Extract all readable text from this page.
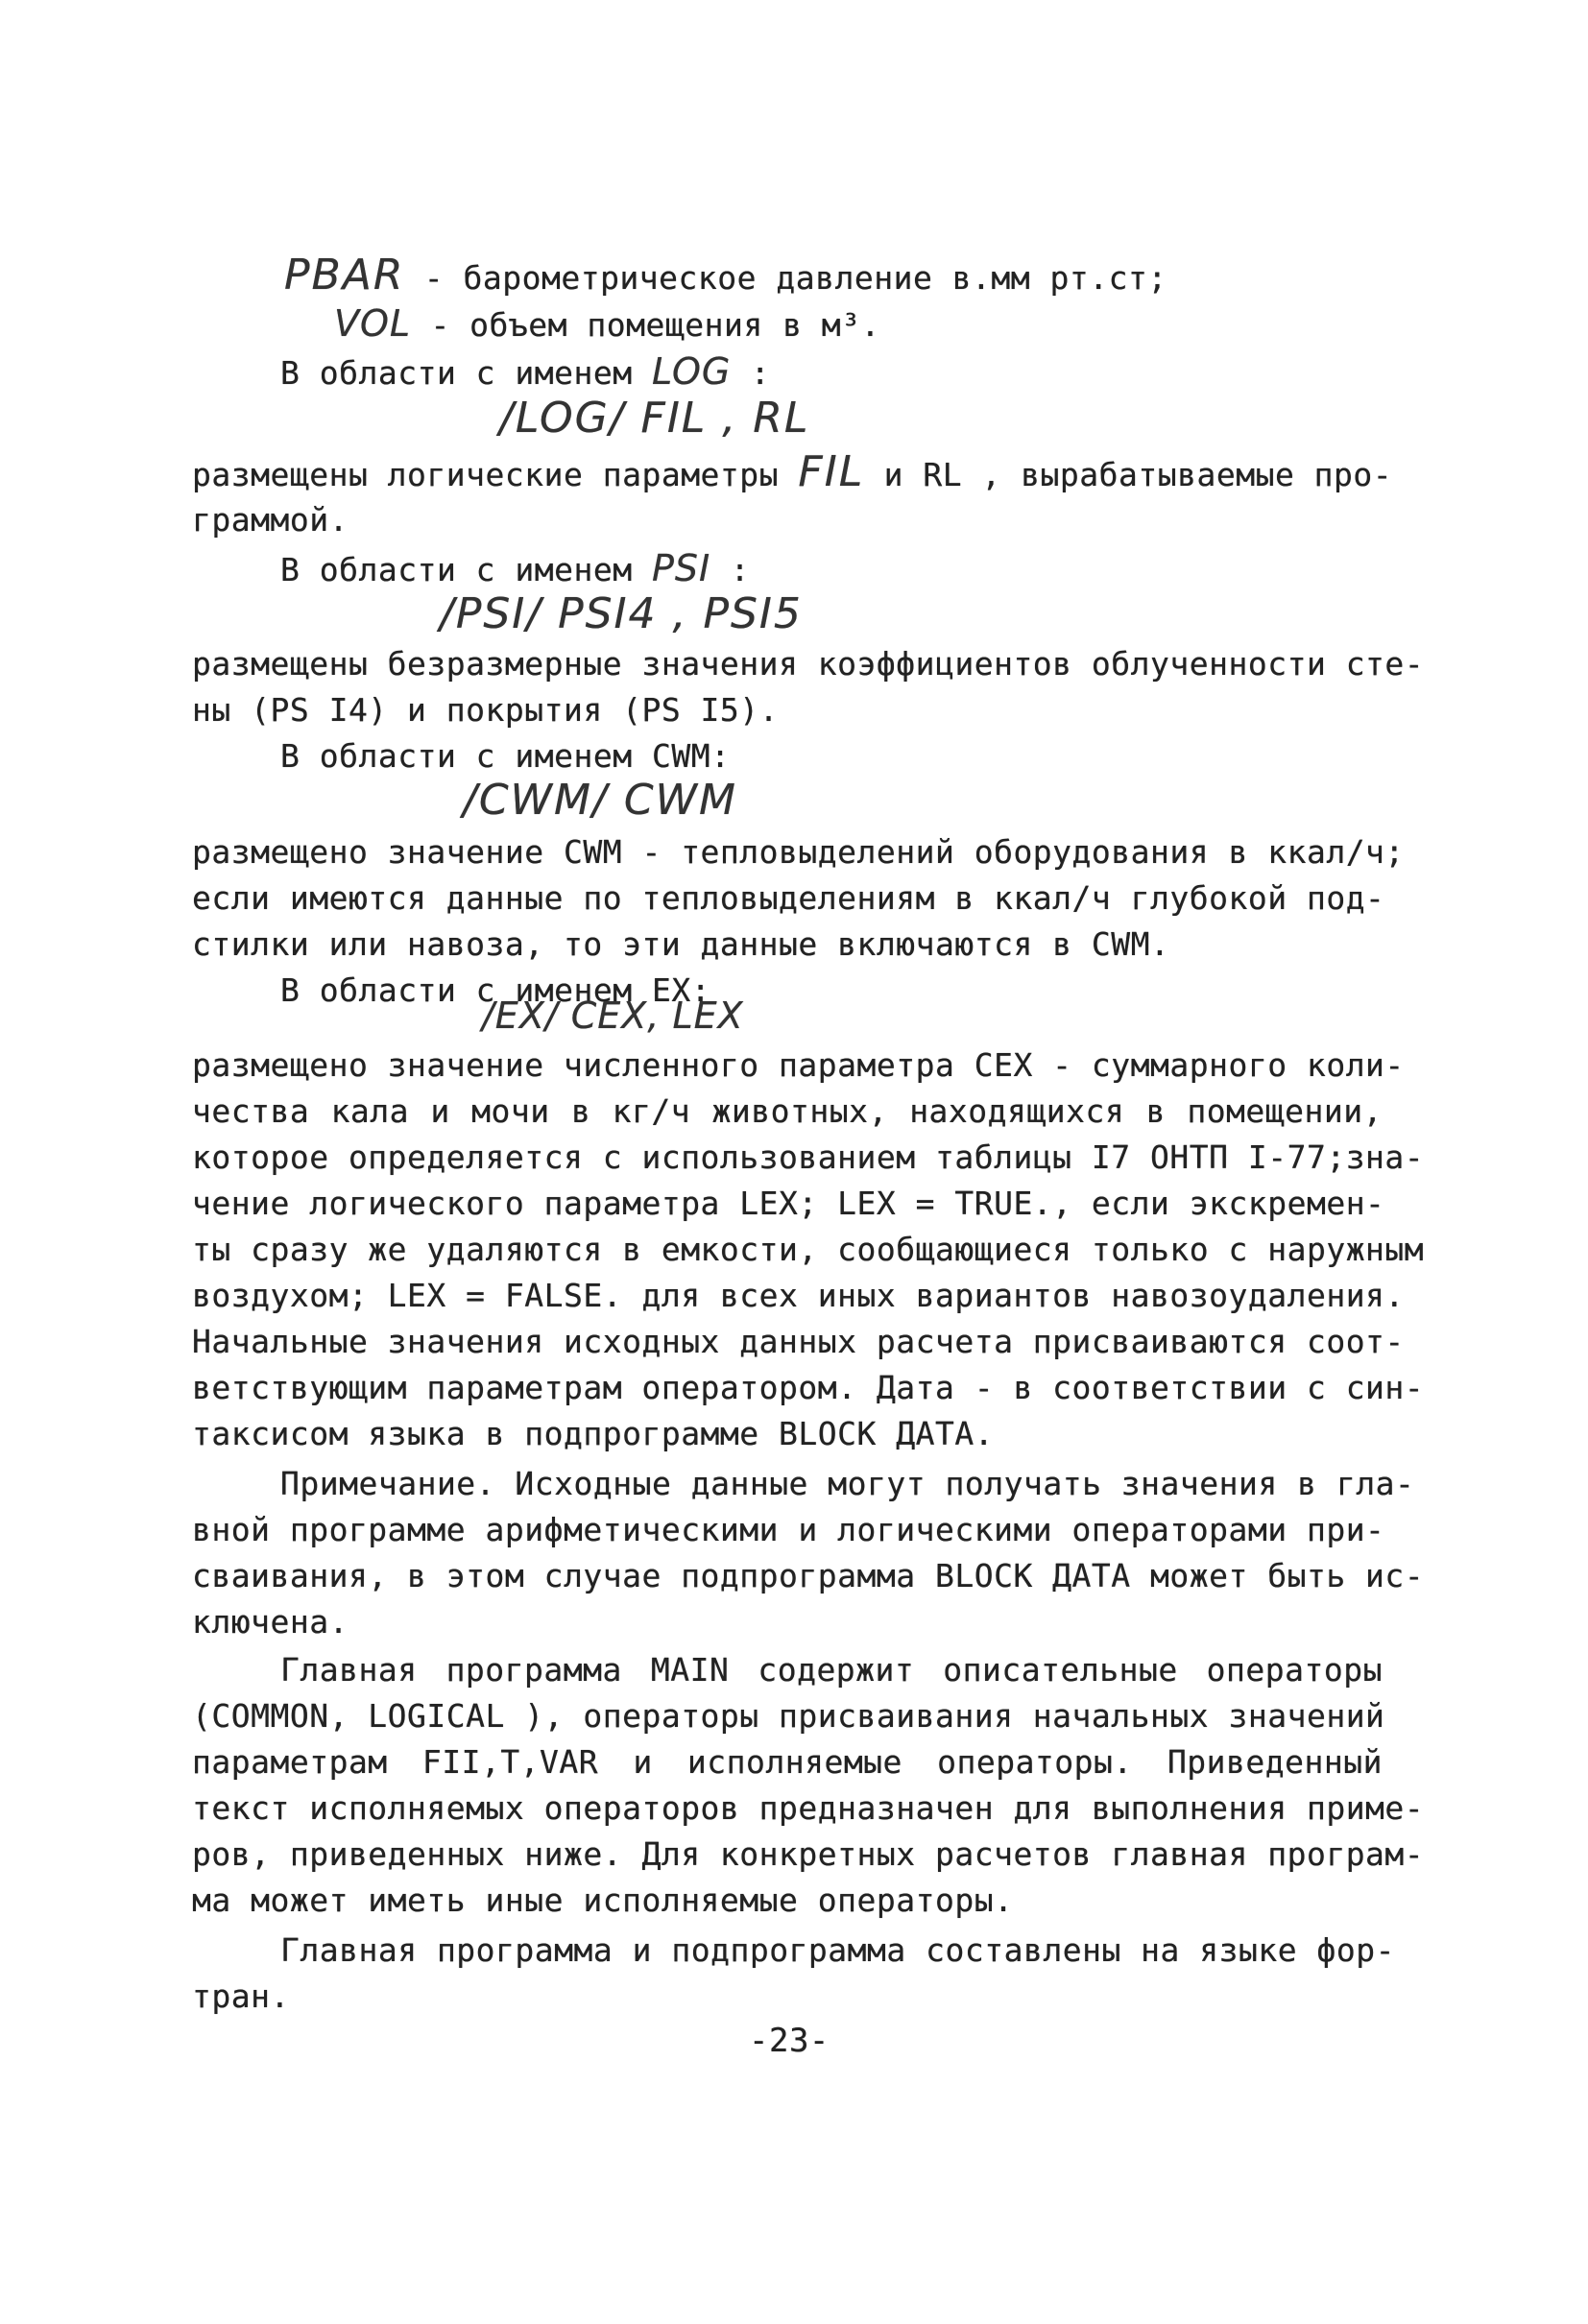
PBAR - барометрическое давление в.мм рт.ст;
VOL - объем помещения в м³.
В области с именем LOG :
/LOG/ FIL , RL
размещены логические параметры FIL и RL , вырабатываемые про-
граммой.
В области с именем PSI :
/PSI/ PSI4 , PSI5
размещены безразмерные значения коэффициентов облученности сте-
ны (PS I4) и покрытия (PS I5).
В области с именем CWM:
/CWM/ CWM
размещено значение CWM - тепловыделений оборудования в ккал/ч;
если имеются данные по тепловыделениям в ккал/ч глубокой под-
стилки или навоза, то эти данные включаются в CWM.
В области с именем EX:
/EX/ CEX, LEX
размещено значение численного параметра CEX - суммарного коли-
чества кала и мочи в кг/ч животных, находящихся в помещении,
которое определяется с использованием таблицы I7 ОНТП I-77;зна-
чение логического параметра LEX; LEX = TRUE., если экскремен-
ты сразу же удаляются в емкости, сообщающиеся только с наружным
воздухом; LEX = FALSE. для всех иных вариантов навозоудаления.
Начальные значения исходных данных расчета присваиваются соот-
ветствующим параметрам оператором. Дата - в соответствии с син-
таксисом языка в подпрограмме BLOCK ДАТА.
Примечание. Исходные данные могут получать значения в гла-
вной программе арифметическими и логическими операторами при-
сваивания, в этом случае подпрограмма BLOCK ДАТА может быть ис-
ключена.
Главная программа MAIN содержит описательные операторы
(COMMON, LOGICAL ), операторы присваивания начальных значений
параметрам FII,T,VAR и исполняемые операторы. Приведенный
текст исполняемых операторов предназначен для выполнения приме-
ров, приведенных ниже. Для конкретных расчетов главная програм-
ма может иметь иные исполняемые операторы.
Главная программа и подпрограмма составлены на языке фор-
тран.
-23-
